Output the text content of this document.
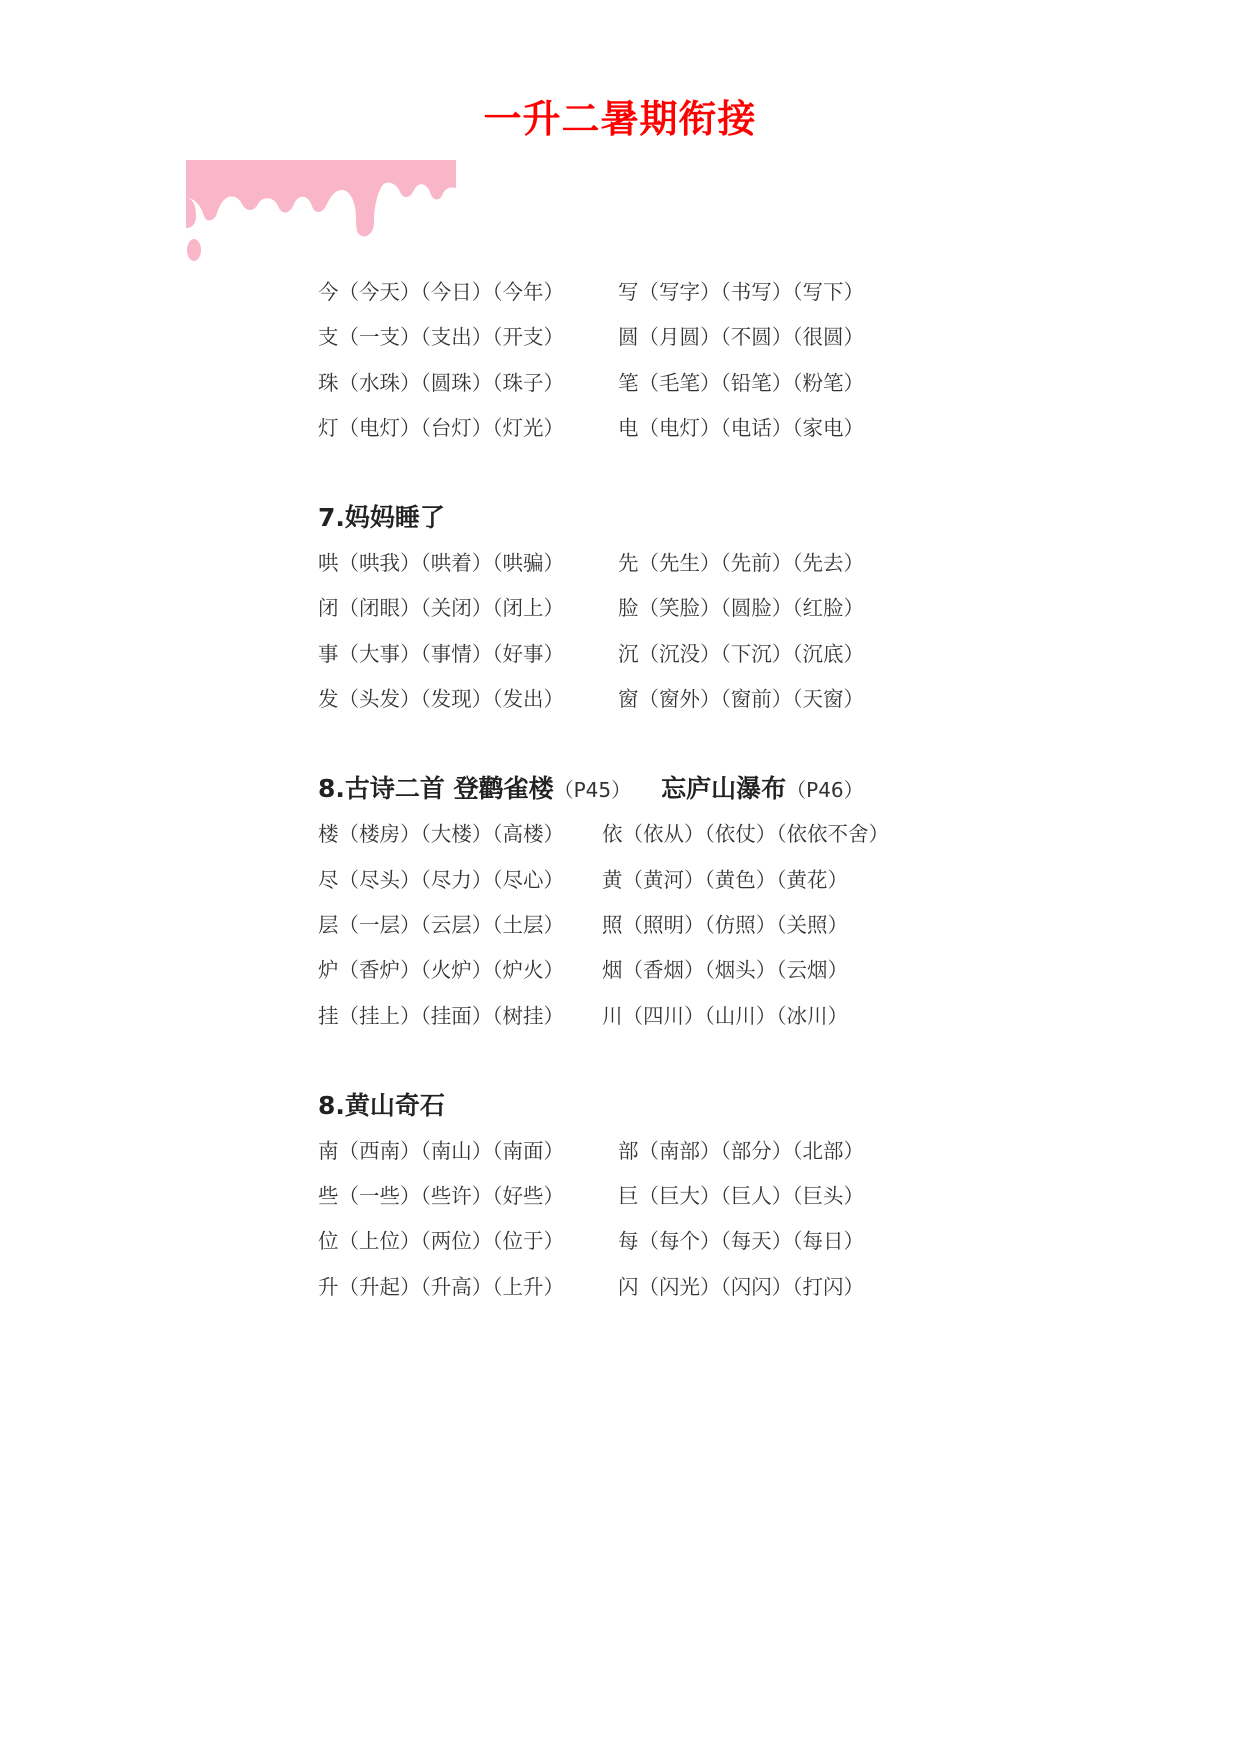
一升二暑期衔接
今（今天）（今日）（今年）	写（写字）（书写）（写下）
支（一支）（支出）（开支）	圆（月圆）（不圆）（很圆）
珠（水珠）（圆珠）（珠子）	笔（毛笔）（铅笔）（粉笔）
灯（电灯）（台灯）（灯光）	电（电灯）（电话）（家电）
7.妈妈睡了
哄（哄我）（哄着）（哄骗）	先（先生）（先前）（先去）
闭（闭眼）（关闭）（闭上）	脸（笑脸）（圆脸）（红脸）
事（大事）（事情）（好事）	沉（沉没）（下沉）（沉底）
发（头发）（发现）（发出）	窗（窗外）（窗前）（天窗）
8.古诗二首 登鹳雀楼（P45） 忘庐山瀑布（P46）
楼（楼房）（大楼）（高楼）	依（依从）（依仗）（依依不舍）
尽（尽头）（尽力）（尽心）	黄（黄河）（黄色）（黄花）
层（一层）（云层）（土层）	照（照明）（仿照）（关照）
炉（香炉）（火炉）（炉火）	烟（香烟）（烟头）（云烟）
挂（挂上）（挂面）（树挂）	川（四川）（山川）（冰川）
8.黄山奇石
南（西南）（南山）（南面）	部（南部）（部分）（北部）
些（一些）（些许）（好些）	巨（巨大）（巨人）（巨头）
位（上位）（两位）（位于）	每（每个）（每天）（每日）
升（升起）（升高）（上升）	闪（闪光）（闪闪）（打闪）
